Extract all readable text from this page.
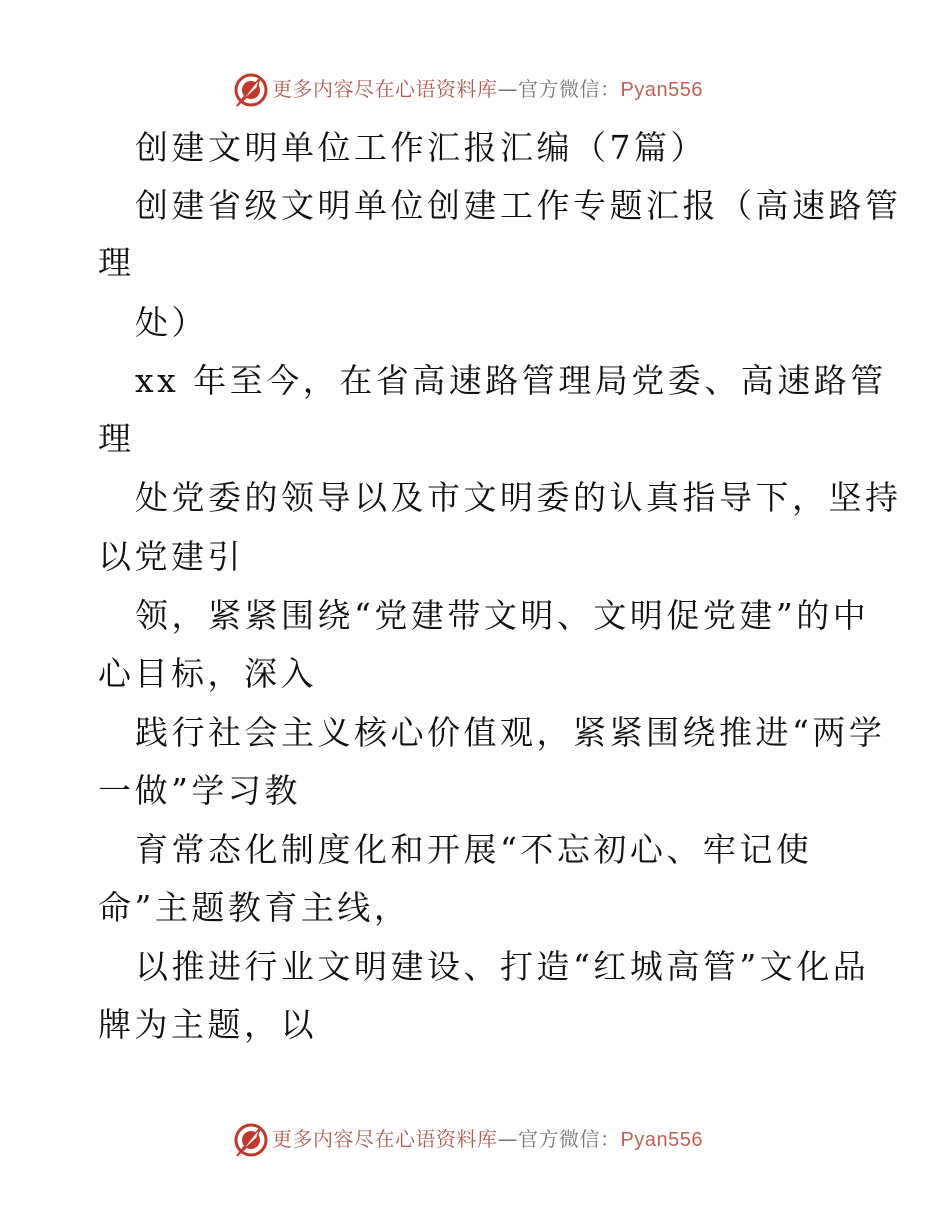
更多内容尽在心语资料库—官方微信：Pyan556
创建文明单位工作汇报汇编（7篇）
创建省级文明单位创建工作专题汇报（高速路管
理
处）
xx 年至今，在省高速路管理局党委、高速路管
理
处党委的领导以及市文明委的认真指导下，坚持
以党建引
领，紧紧围绕“党建带文明、文明促党建”的中
心目标，深入
践行社会主义核心价值观，紧紧围绕推进“两学
一做”学习教
育常态化制度化和开展“不忘初心、牢记使
命”主题教育主线，
以推进行业文明建设、打造“红城高管”文化品
牌为主题，以
更多内容尽在心语资料库—官方微信：Pyan556
